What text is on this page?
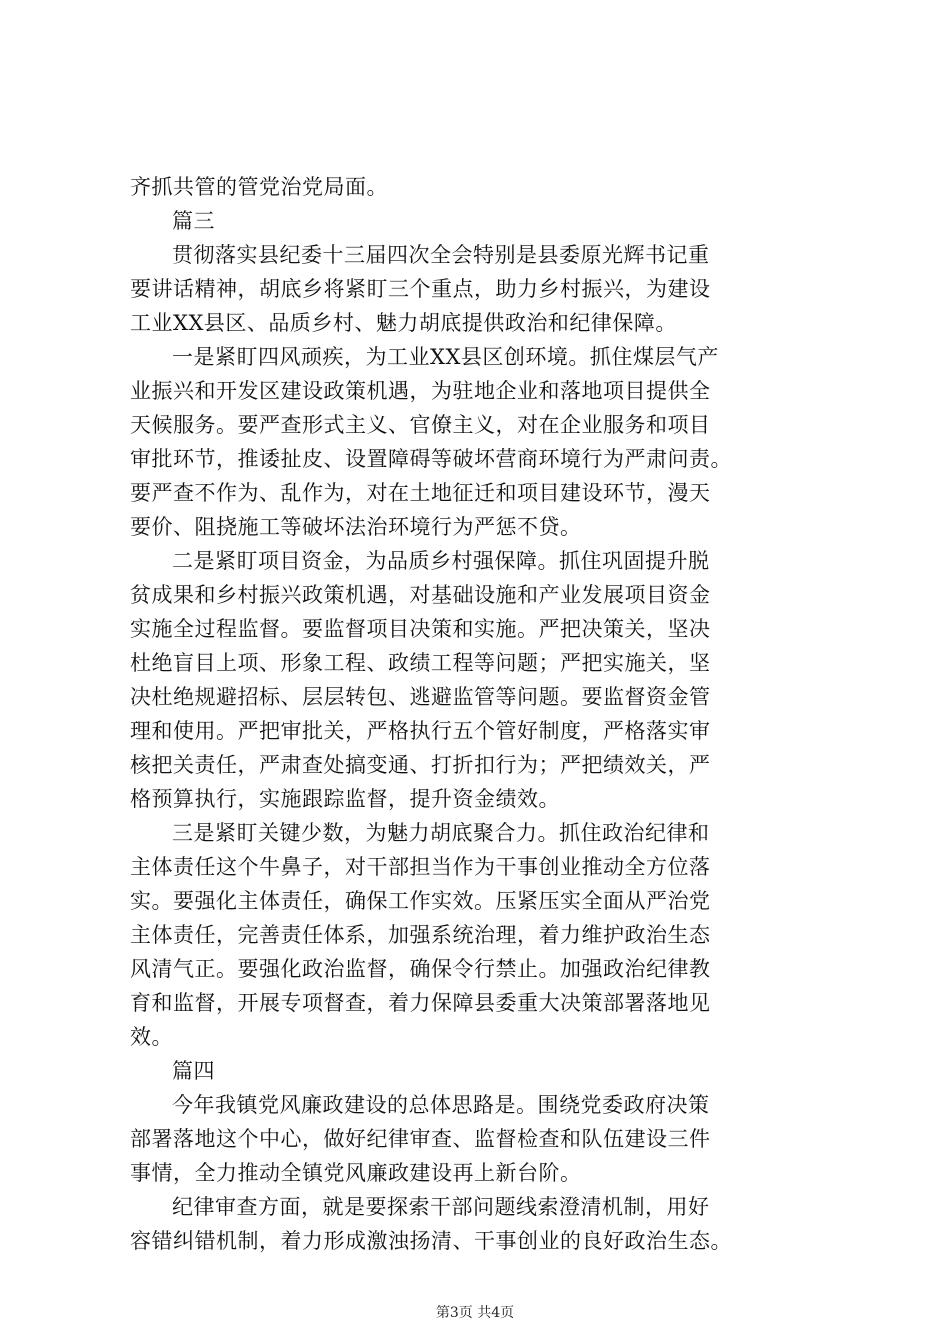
齐抓共管的管党治党局面。
篇三
贯彻落实县纪委十三届四次全会特别是县委原光辉书记重
要讲话精神，胡底乡将紧盯三个重点，助力乡村振兴，为建设
工业XX县区、品质乡村、魅力胡底提供政治和纪律保障。
一是紧盯四风顽疾，为工业XX县区创环境。抓住煤层气产
业振兴和开发区建设政策机遇，为驻地企业和落地项目提供全
天候服务。要严查形式主义、官僚主义，对在企业服务和项目
审批环节，推诿扯皮、设置障碍等破坏营商环境行为严肃问责。
要严查不作为、乱作为，对在土地征迁和项目建设环节，漫天
要价、阻挠施工等破坏法治环境行为严惩不贷。
二是紧盯项目资金，为品质乡村强保障。抓住巩固提升脱
贫成果和乡村振兴政策机遇，对基础设施和产业发展项目资金
实施全过程监督。要监督项目决策和实施。严把决策关，坚决
杜绝盲目上项、形象工程、政绩工程等问题；严把实施关，坚
决杜绝规避招标、层层转包、逃避监管等问题。要监督资金管
理和使用。严把审批关，严格执行五个管好制度，严格落实审
核把关责任，严肃查处搞变通、打折扣行为；严把绩效关，严
格预算执行，实施跟踪监督，提升资金绩效。
三是紧盯关键少数，为魅力胡底聚合力。抓住政治纪律和
主体责任这个牛鼻子，对干部担当作为干事创业推动全方位落
实。要强化主体责任，确保工作实效。压紧压实全面从严治党
主体责任，完善责任体系，加强系统治理，着力维护政治生态
风清气正。要强化政治监督，确保令行禁止。加强政治纪律教
育和监督，开展专项督查，着力保障县委重大决策部署落地见
效。
篇四
今年我镇党风廉政建设的总体思路是。围绕党委政府决策
部署落地这个中心，做好纪律审查、监督检查和队伍建设三件
事情，全力推动全镇党风廉政建设再上新台阶。
纪律审查方面，就是要探索干部问题线索澄清机制，用好
容错纠错机制，着力形成激浊扬清、干事创业的良好政治生态。
第3页 共4页
